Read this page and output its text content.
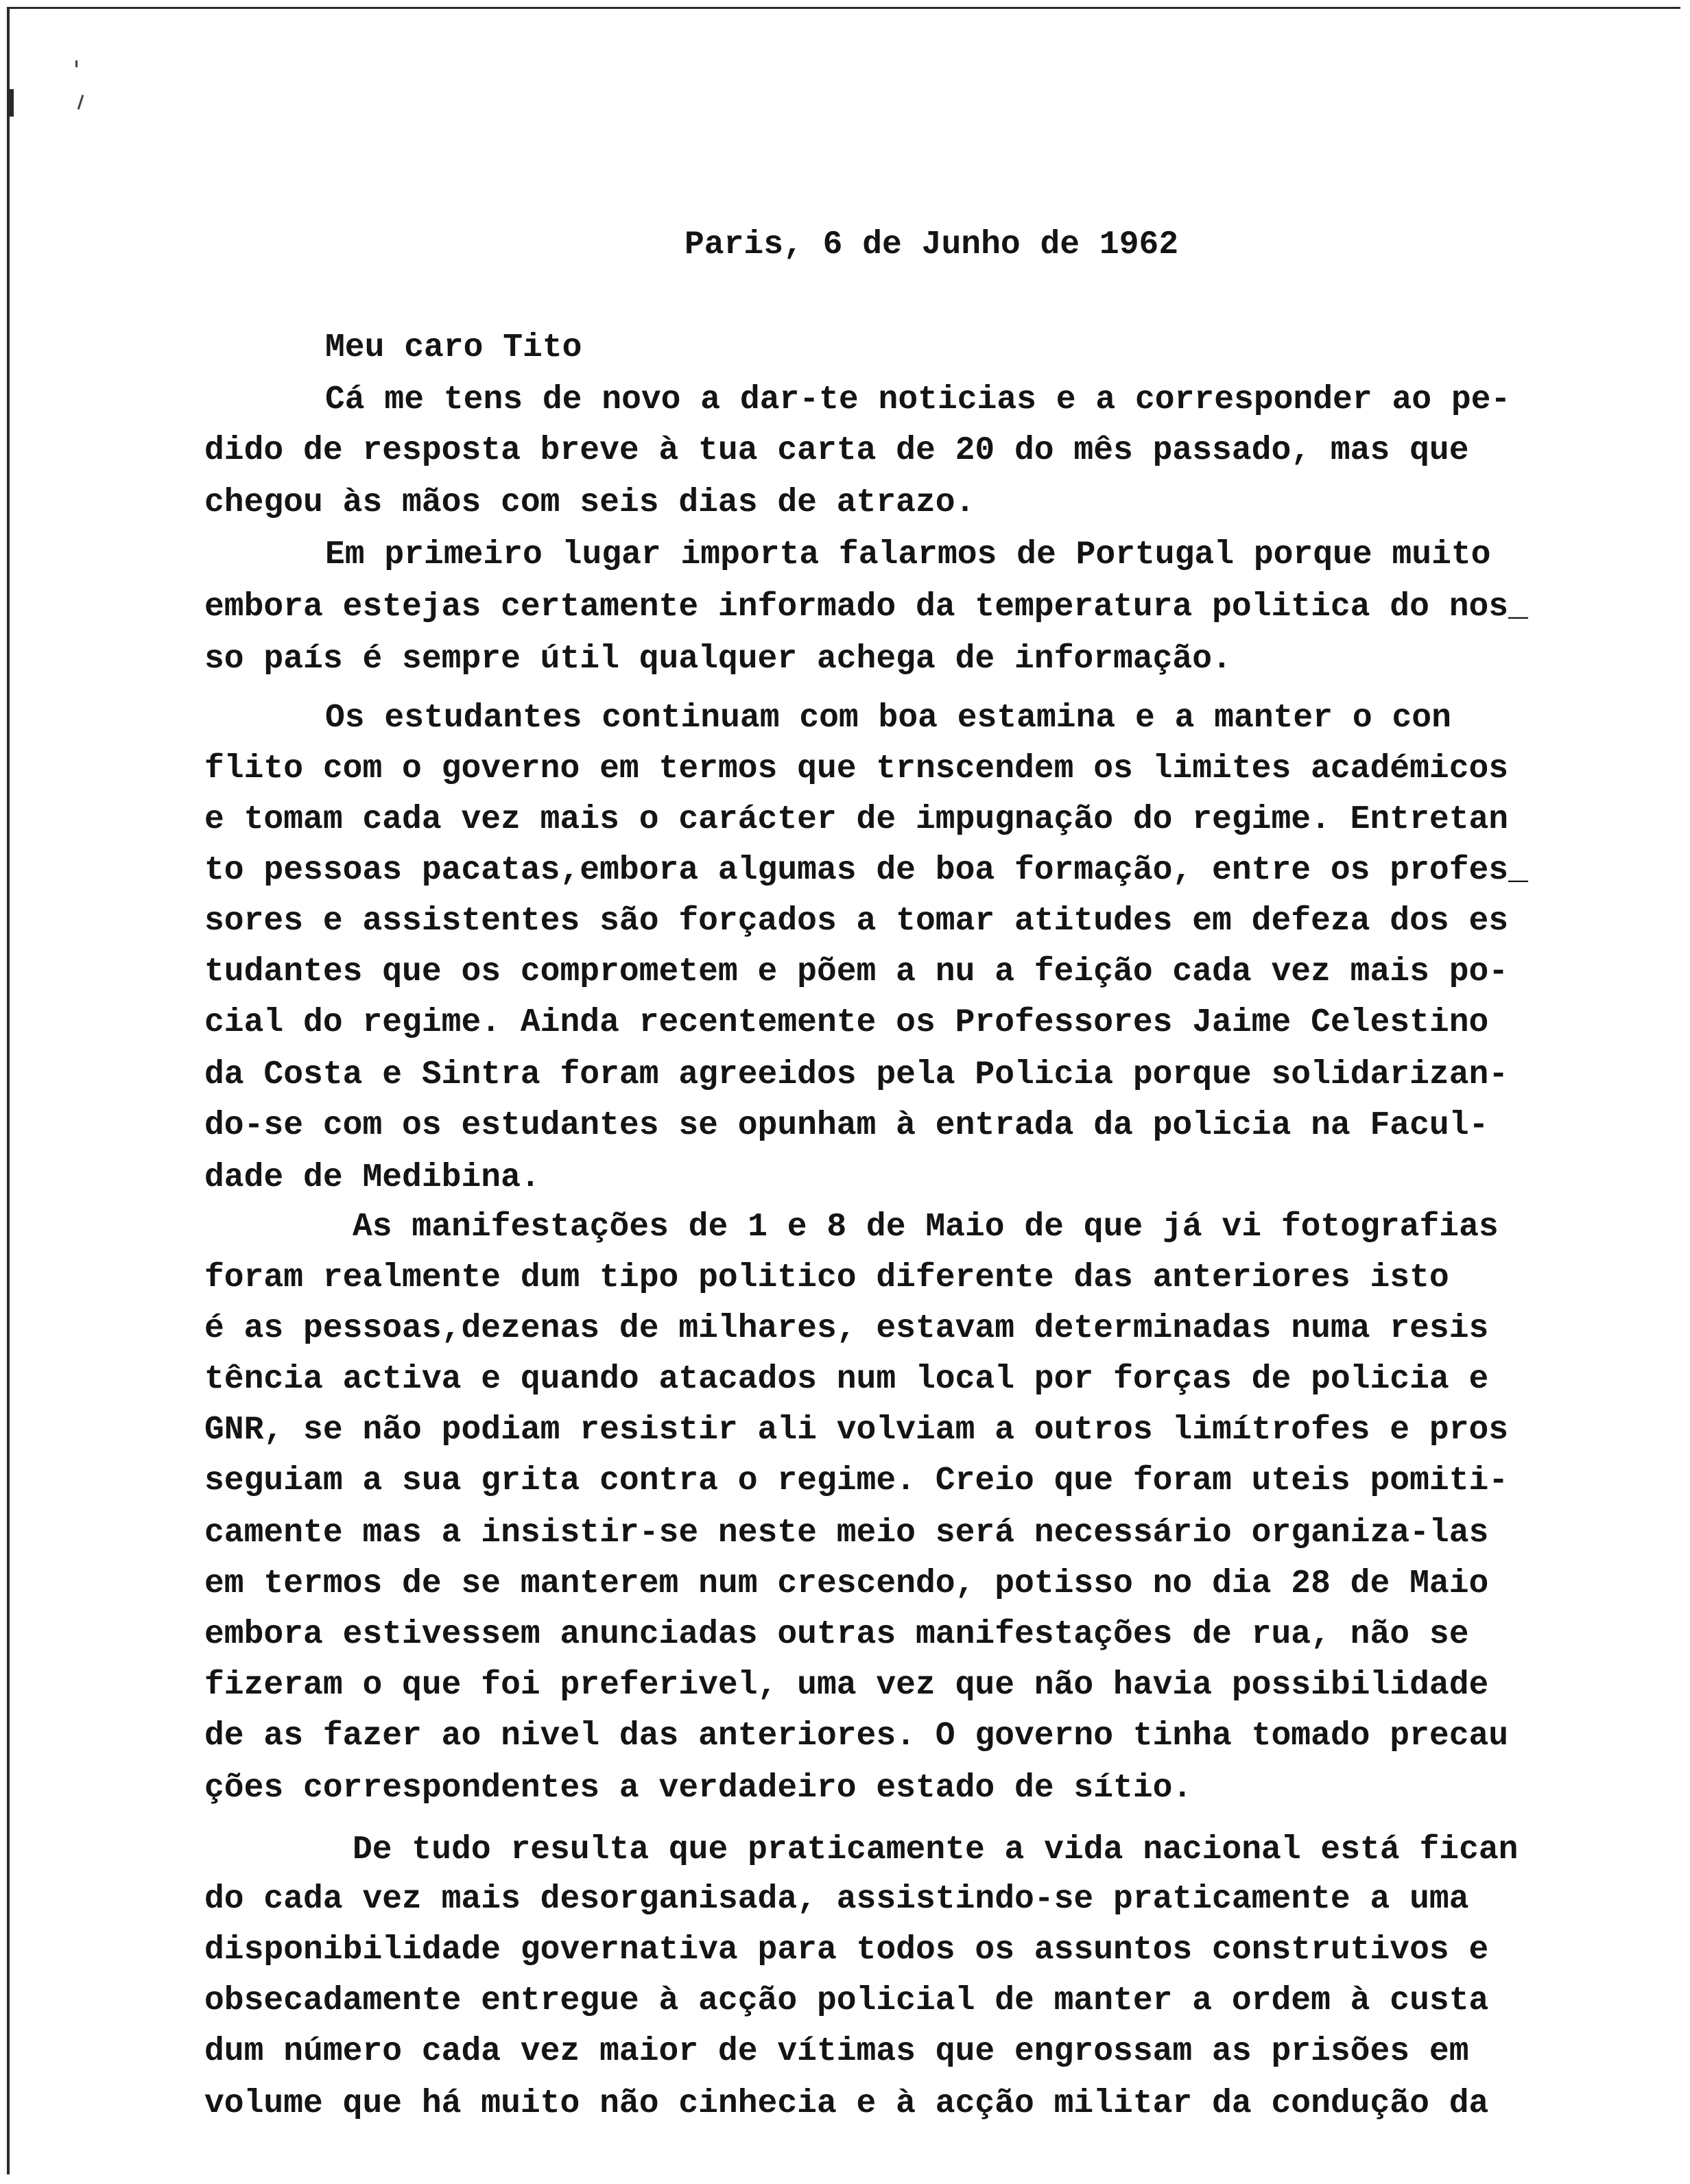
Paris, 6 de Junho de 1962
Meu caro Tito
Cá me tens de novo a dar-te noticias e a corresponder ao pe-
dido de resposta breve à tua carta de 20 do mês passado, mas que
chegou às mãos com seis dias de atrazo.
Em primeiro lugar importa falarmos de Portugal porque muito
embora estejas certamente informado da temperatura politica do nos_
so país é sempre útil qualquer achega de informação.
Os estudantes continuam com boa estamina e a manter o con
flito com o governo em termos que trnscendem os limites académicos
e tomam cada vez mais o carácter de impugnação do regime. Entretan
to pessoas pacatas,embora algumas de boa formação, entre os profes_
sores e assistentes são forçados a tomar atitudes em defeza dos es
tudantes que os comprometem e põem a nu a feição cada vez mais po-
cial do regime. Ainda recentemente os Professores Jaime Celestino
da Costa e Sintra foram agreeidos pela Policia porque solidarizan-
do-se com os estudantes se opunham à entrada da policia na Facul-
dade de Medibina.
As manifestações de 1 e 8 de Maio de que já vi fotografias
foram realmente dum tipo politico diferente das anteriores isto
é as pessoas,dezenas de milhares, estavam determinadas numa resis
tência activa e quando atacados num local por forças de policia e
GNR, se não podiam resistir ali volviam a outros limítrofes e pros
seguiam a sua grita contra o regime. Creio que foram uteis pomiti-
camente mas a insistir-se neste meio será necessário organiza-las
em termos de se manterem num crescendo, potisso no dia 28 de Maio
embora estivessem anunciadas outras manifestações de rua, não se
fizeram o que foi preferivel, uma vez que não havia possibilidade
de as fazer ao nivel das anteriores. O governo tinha tomado precau
ções correspondentes a verdadeiro estado de sítio.
De tudo resulta que praticamente a vida nacional está fican
do cada vez mais desorganisada, assistindo-se praticamente a uma
disponibilidade governativa para todos os assuntos construtivos e
obsecadamente entregue à acção policial de manter a ordem à custa
dum número cada vez maior de vítimas que engrossam as prisões em
volume que há muito não cinhecia e à acção militar da condução da
